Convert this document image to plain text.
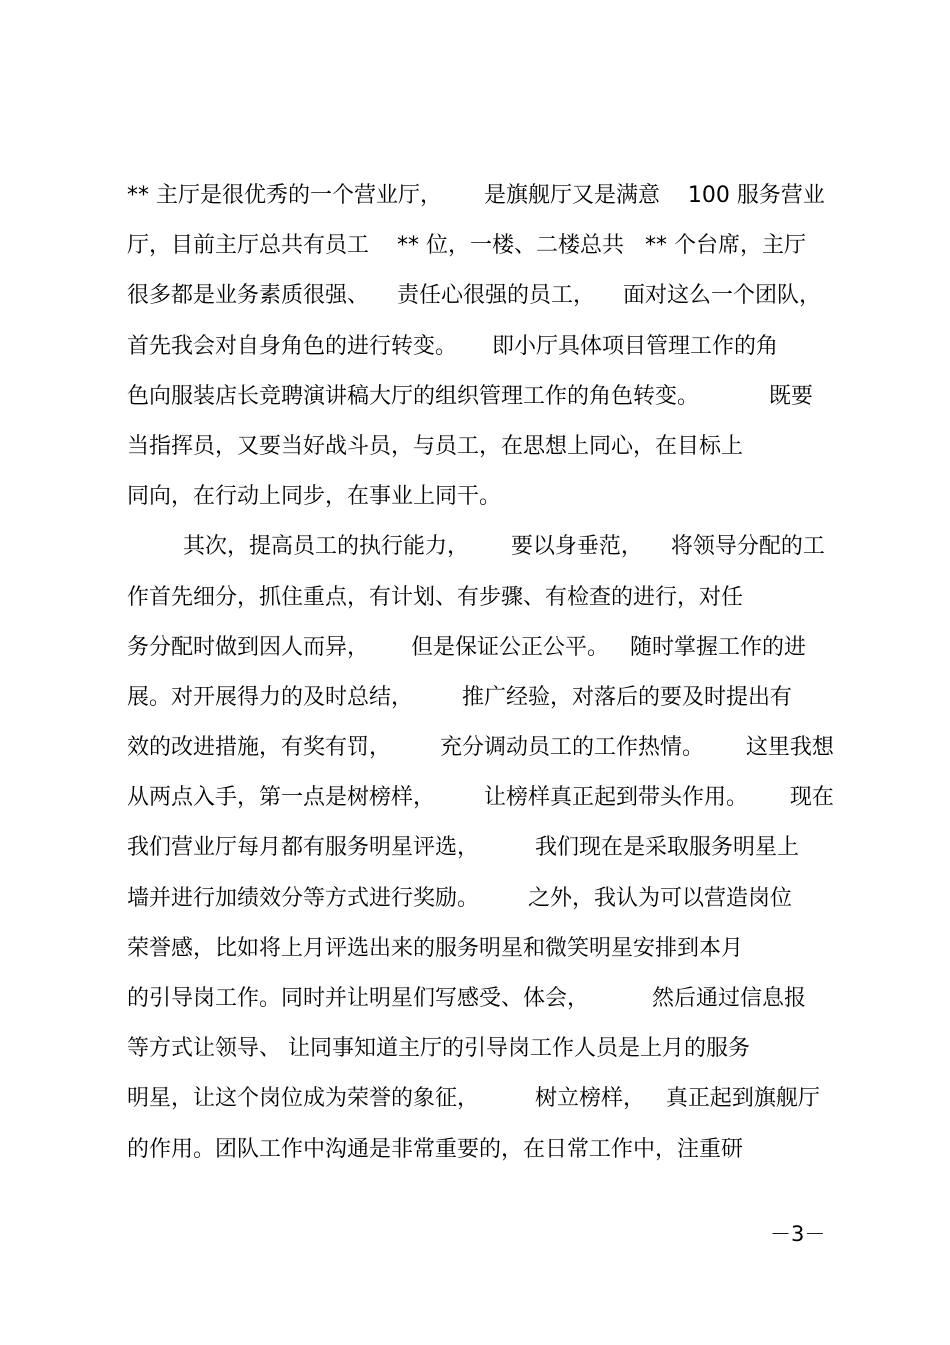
** 主厅是很优秀的一个营业厅，      是旗舰厅又是满意    100 服务营业
厅，目前主厅总共有员工    ** 位，一楼、二楼总共   ** 个台席，主厅
很多都是业务素质很强、    责任心很强的员工，    面对这么一个团队，
首先我会对自身角色的进行转变。     即小厅具体项目管理工作的角
色向服装店长竞聘演讲稿大厅的组织管理工作的角色转变。          既要
当指挥员，又要当好战斗员，与员工，在思想上同心，在目标上
同向，在行动上同步，在事业上同干。
其次，提高员工的执行能力，      要以身垂范，    将领导分配的工
作首先细分，抓住重点，有计划、有步骤、有检查的进行，对任
务分配时做到因人而异，      但是保证公正公平。   随时掌握工作的进
展。对开展得力的及时总结，       推广经验，对落后的要及时提出有
效的改进措施，有奖有罚，       充分调动员工的工作热情。      这里我想
从两点入手，第一点是树榜样，       让榜样真正起到带头作用。      现在
我们营业厅每月都有服务明星评选，        我们现在是采取服务明星上
墙并进行加绩效分等方式进行奖励。       之外，我认为可以营造岗位
荣誉感，比如将上月评选出来的服务明星和微笑明星安排到本月
的引导岗工作。同时并让明星们写感受、体会，         然后通过信息报
等方式让领导、 让同事知道主厅的引导岗工作人员是上月的服务
明星，让这个岗位成为荣誉的象征，        树立榜样，   真正起到旗舰厅
的作用。团队工作中沟通是非常重要的，在日常工作中，注重研
－3－
